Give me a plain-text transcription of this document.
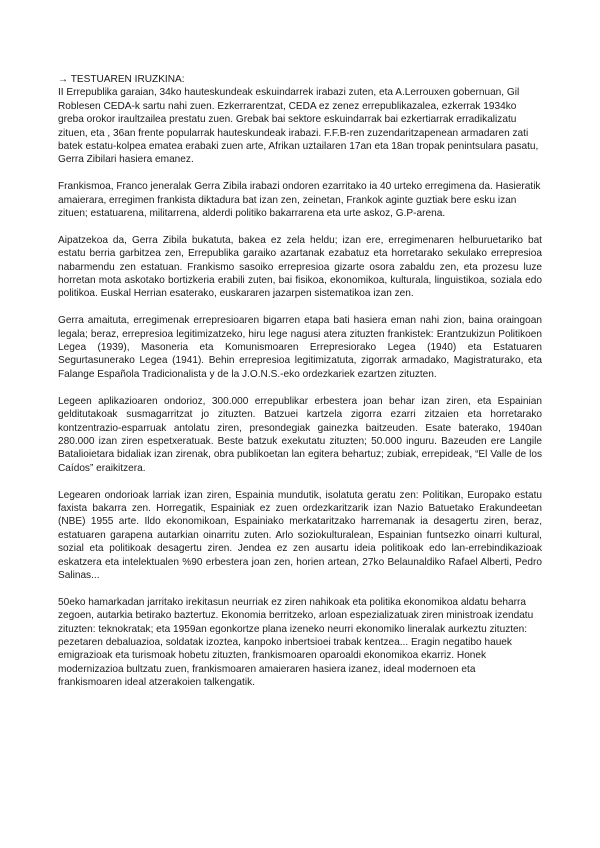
→ TESTUAREN IRUZKINA:

II Errepublika garaian, 34ko hauteskundeak eskuindarrek irabazi zuten, eta A.Lerrouxen gobernuan, Gil Roblesen CEDA-k sartu nahi zuen. Ezkerrarentzat, CEDA ez zenez errepublikazalea, ezkerrak 1934ko greba orokor iraultzailea prestatu zuen. Grebak bai sektore eskuindarrak bai ezkertiarrak erradikalizatu zituen, eta , 36an frente popularrak hauteskundeak irabazi. F.F.B-ren zuzendaritzapenean armadaren zati batek estatu-kolpea ematea erabaki zuen arte, Afrikan uztailaren 17an eta 18an tropak penintsulara pasatu, Gerra Zibilari hasiera emanez.

Frankismoa, Franco jeneralak Gerra Zibila irabazi ondoren ezarritako ia 40 urteko erregimena da. Hasieratik amaierara, erregimen frankista diktadura bat izan zen, zeinetan, Frankok aginte guztiak bere esku izan zituen; estatuarena, militarrena, alderdi politiko bakarrarena eta urte askoz, G.P-arena.

Aipatzekoa da, Gerra Zibila bukatuta, bakea ez zela heldu; izan ere, erregimenaren helburuetariko bat estatu berria garbitzea zen, Errepublika garaiko azartanak ezabatuz eta horretarako sekulako errepresioa nabarmendu zen estatuan. Frankismo sasoiko errepresioa gizarte osora zabaldu zen, eta prozesu luze horretan mota askotako bortizkeria erabili zuten, bai fisikoa, ekonomikoa, kulturala, linguistikoa, soziala edo politikoa. Euskal Herrian esaterako, euskararen jazarpen sistematikoa izan zen.

Gerra amaituta, erregimenak errepresioaren bigarren etapa bati hasiera eman nahi zion, baina oraingoan legala; beraz, errepresioa legitimizatzeko, hiru lege nagusi atera zituzten frankistek: Erantzukizun Politikoen Legea (1939), Masoneria eta Komunismoaren Errepresiorako Legea (1940) eta Estatuaren Segurtasunerako Legea (1941). Behin errepresioa legitimizatuta, zigorrak armadako, Magistraturako, eta Falange Española Tradicionalista y de la J.O.N.S.-eko ordezkariek ezartzen zituzten.

Legeen aplikazioaren ondorioz, 300.000 errepublikar erbestera joan behar izan ziren, eta Espainian gelditutakoak susmagarritzat jo zituzten. Batzuei kartzela zigorra ezarri zitzaien eta horretarako kontzentrazio-esparruak antolatu ziren, presondegiak gainezka baitzeuden. Esate baterako, 1940an 280.000 izan ziren espetxeratuak. Beste batzuk exekutatu zituzten; 50.000 inguru. Bazeuden ere Langile Batalioietara bidaliak izan zirenak, obra publikoetan lan egitera behartuz; zubiak, errepideak, “El Valle de los Caídos” eraikitzera.

Legearen ondorioak larriak izan ziren, Espainia mundutik, isolatuta geratu zen: Politikan, Europako estatu faxista bakarra zen. Horregatik, Espainiak ez zuen ordezkaritzarik izan Nazio Batuetako Erakundeetan (NBE) 1955 arte. Ildo ekonomikoan, Espainiako merkataritzako harremanak ia desagertu ziren, beraz, estatuaren garapena autarkian oinarritu zuten. Arlo soziokulturalean, Espainian funtsezko oinarri kultural, sozial eta politikoak desagertu ziren. Jendea ez zen ausartu ideia politikoak edo lan-errebindikazioak eskatzera eta intelektualen %90 erbestera joan zen, horien artean, 27ko Belaunaldiko Rafael Alberti, Pedro Salinas...

50eko hamarkadan jarritako irekitasun neurriak ez ziren nahikoak eta politika ekonomikoa aldatu beharra zegoen, autarkia betirako baztertuz. Ekonomia berritzeko, arloan espezializatuak ziren ministroak izendatu zituzten: teknokratak; eta 1959an egonkortze plana izeneko neurri ekonomiko lineralak aurkeztu zituzten: pezetaren debaluazioa, soldatak izoztea, kanpoko inbertsioei trabak kentzea... Eragin negatibo hauek emigrazioak eta turismoak hobetu zituzten, frankismoaren oparoaldi ekonomikoa ekarriz. Honek modernizazioa bultzatu zuen, frankismoaren amaieraren hasiera izanez, ideal modernoen eta frankismoaren ideal atzerakoien talkengatik.
